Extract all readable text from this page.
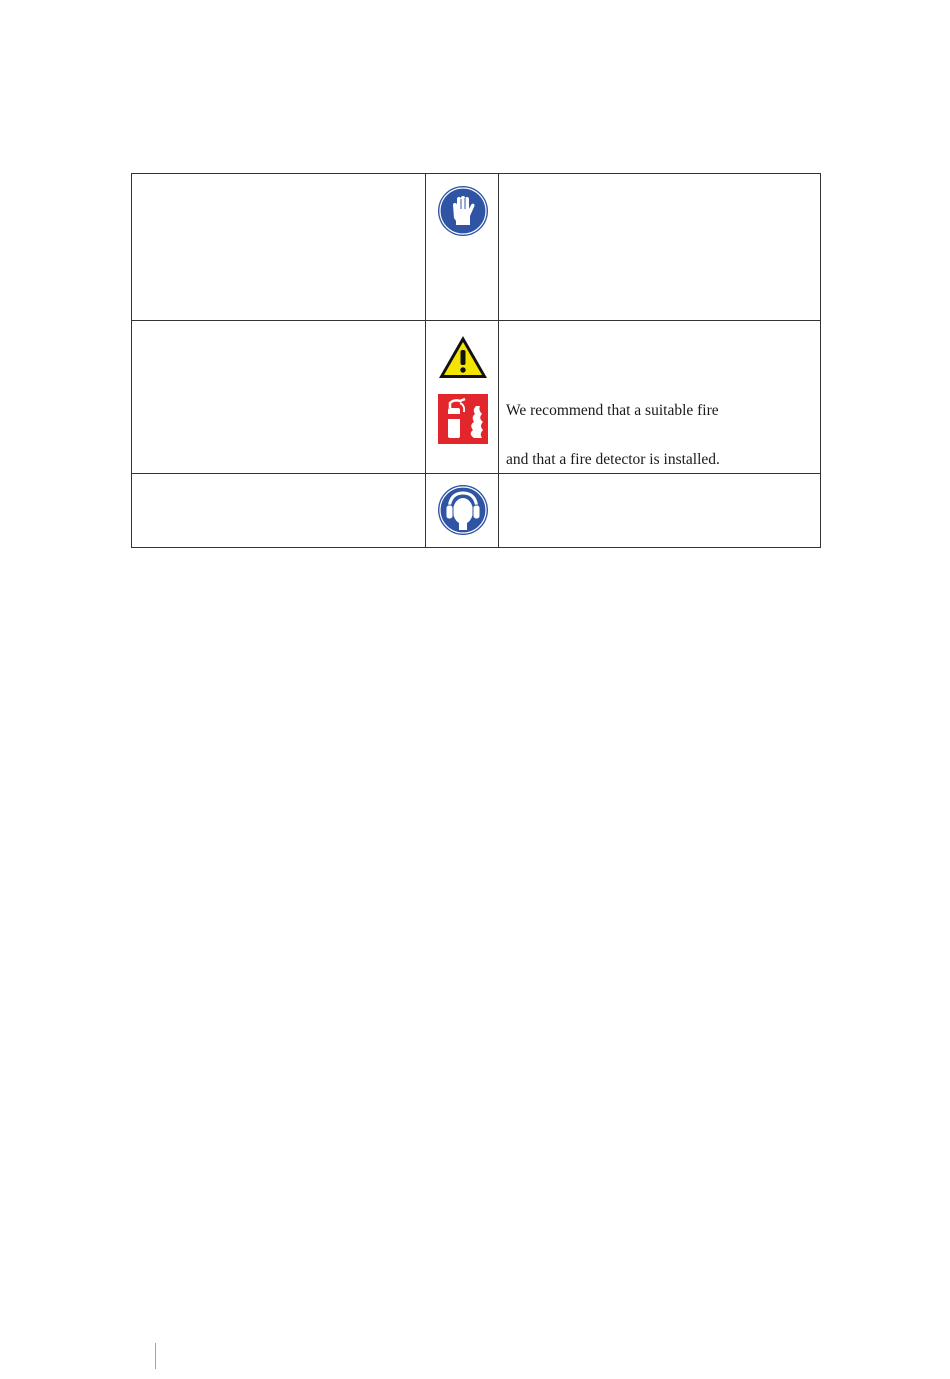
We recommend that a suitable fire
and that a fire detector is installed.
